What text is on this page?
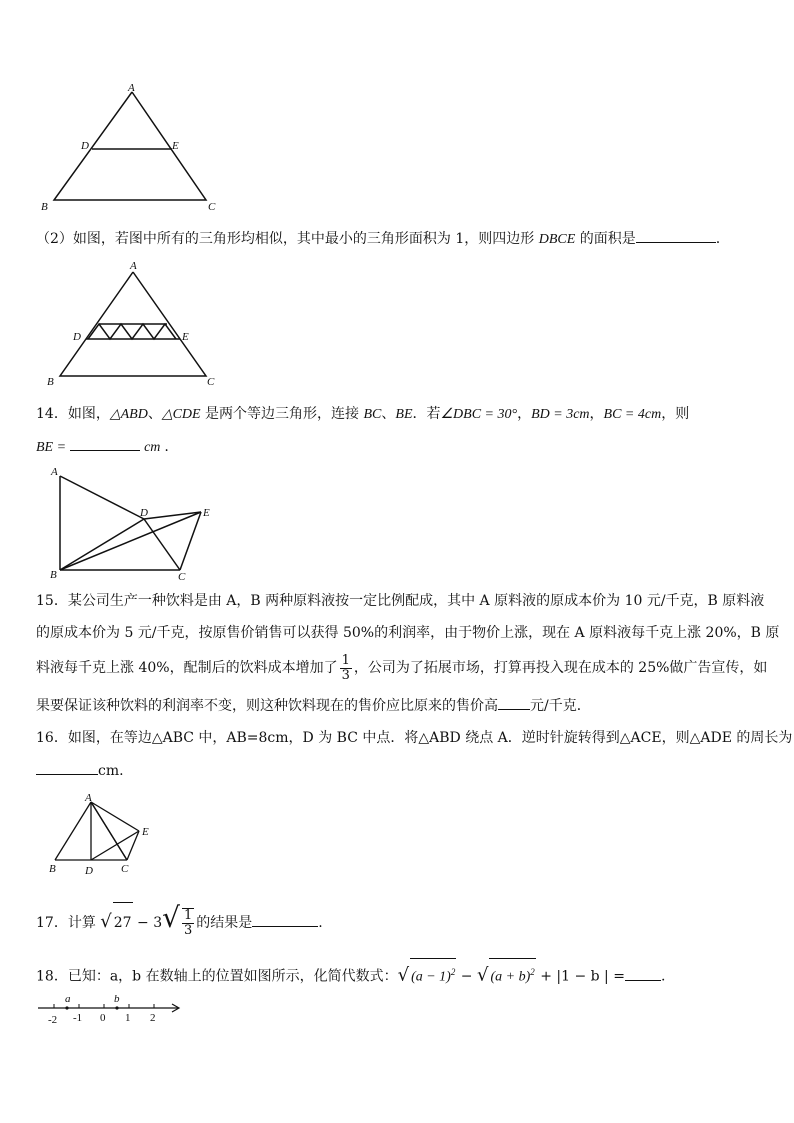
A
D	E
B	C
（2）如图，若图中所有的三角形均相似，其中最小的三角形面积为 1，则四边形 DBCE 的面积是	.
A
D	E
B	C
14．如图，△ABD、△CDE 是两个等边三角形，连接 BC、BE．若∠DBC = 30°，BD = 3cm，BC = 4cm，则
BE =	cm .
A
D	E
B	C
15．某公司生产一种饮料是由 A，B 两种原料液按一定比例配成，其中 A 原料液的原成本价为 10 元/千克，B 原料液
的原成本价为 5 元/千克，按原售价销售可以获得 50%的利润率，由于物价上涨，现在 A 原料液每千克上涨 20%，B 原
料液每千克上涨 40%，配制后的饮料成本增加了 $\frac{1}{3}$ ，公司为了拓展市场，打算再投入现在成本的 25%做广告宣传，如
果要保证该种饮料的利润率不变，则这种饮料现在的售价应比原来的售价高 元/千克．
16．如图，在等边△ABC 中，AB=8cm，D 为 BC 中点．将△ABD 绕点 A．逆时针旋转得到△ACE，则△ADE 的周长为
cm.
A
E
B	D	C
17．计算 √ $27 - 3√ \frac{1}{3}$ 的结果是	.
18．已知：a，b 在数轴上的位置如图所示，化简代数式：√ $(a - 1)^2$ − √ $(a + b)^2 + |1 - b$ | =	.
a	b
-2 -1 0 1 2
